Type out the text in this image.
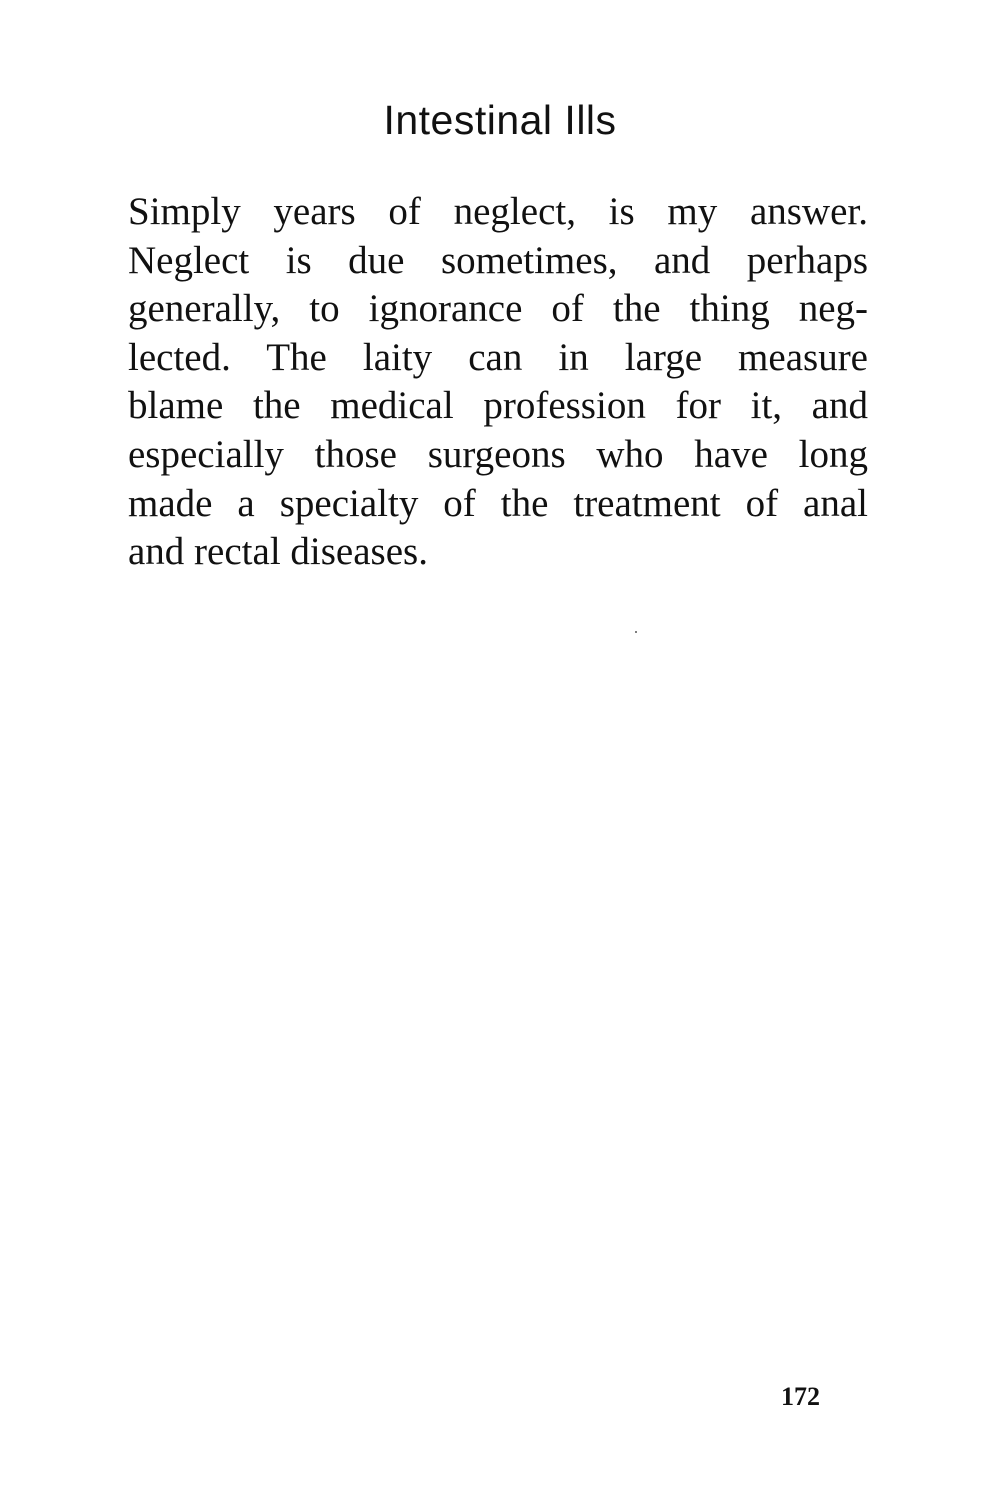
Intestinal Ills
Simply years of neglect, is my answer.
Neglect is due sometimes, and perhaps
generally, to ignorance of the thing neg-
lected. The laity can in large measure
blame the medical profession for it, and
especially those surgeons who have long
made a specialty of the treatment of anal
and rectal diseases.
172
